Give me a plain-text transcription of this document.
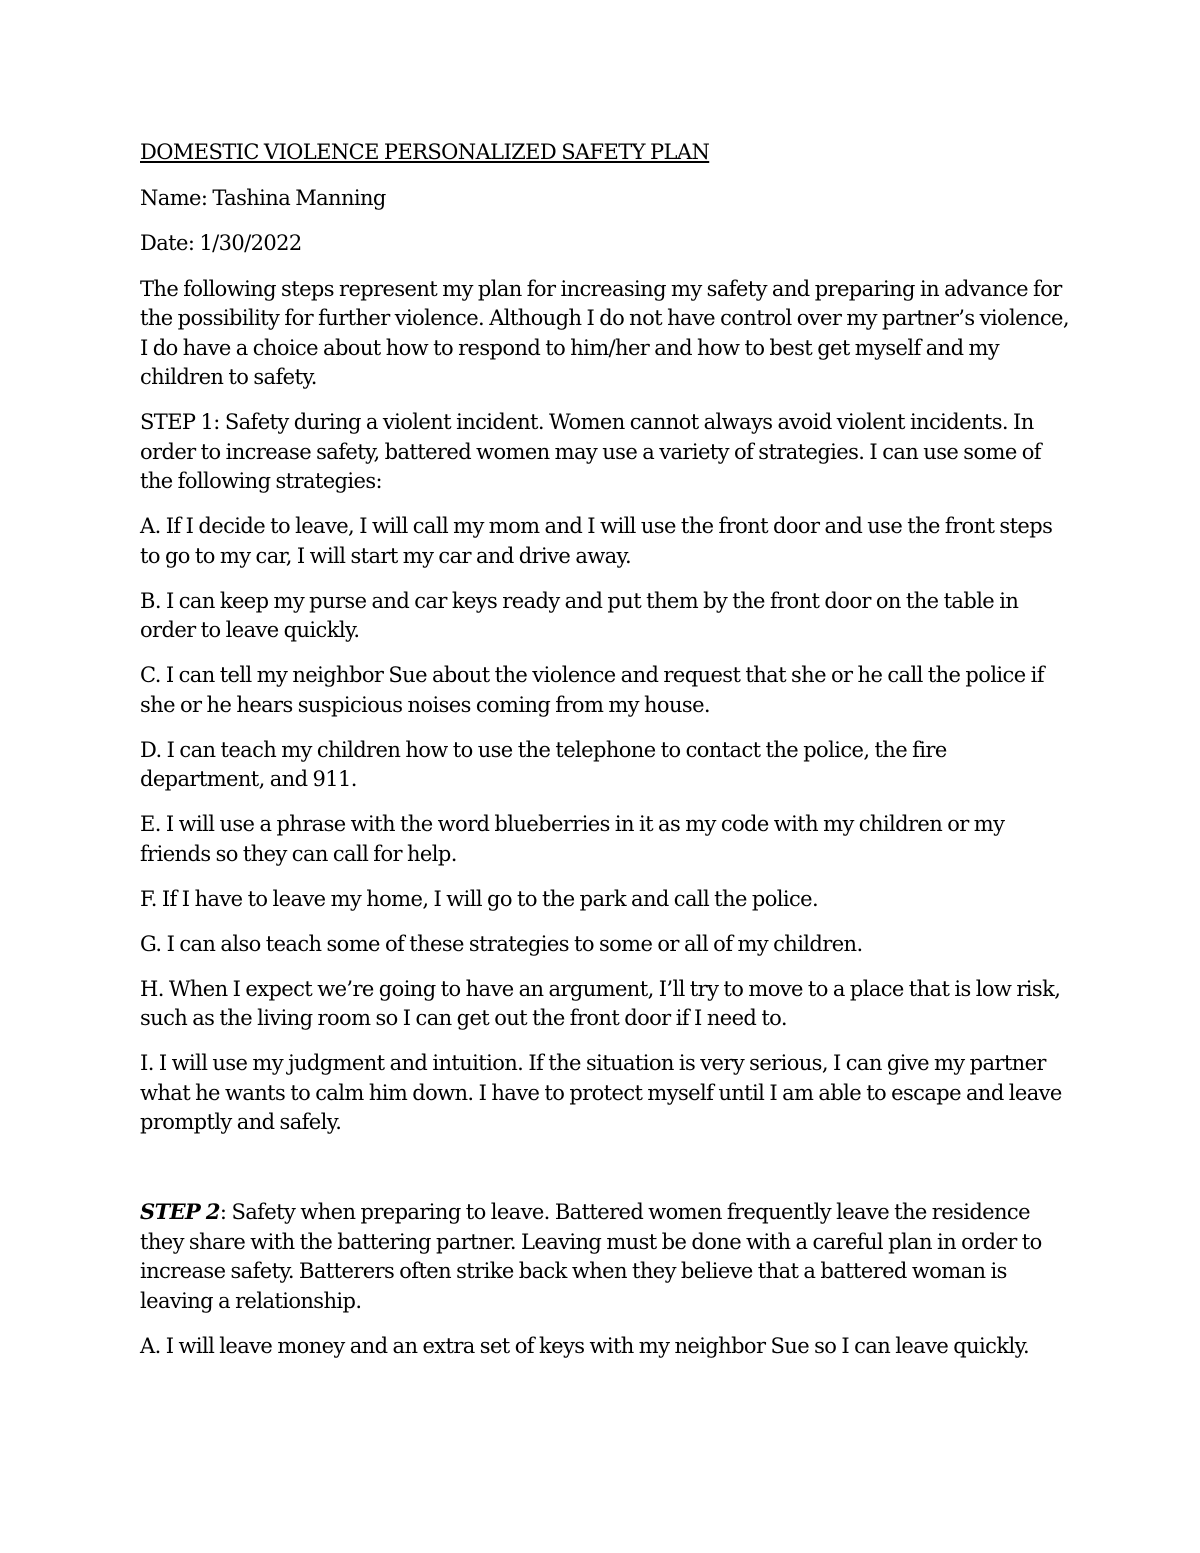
DOMESTIC VIOLENCE PERSONALIZED SAFETY PLAN
Name: Tashina Manning
Date: 1/30/2022

The following steps represent my plan for increasing my safety and preparing in advance for the possibility for further violence. Although I do not have control over my partner’s violence, I do have a choice about how to respond to him/her and how to best get myself and my children to safety.

STEP 1: Safety during a violent incident. Women cannot always avoid violent incidents. In order to increase safety, battered women may use a variety of strategies. I can use some of the following strategies:

A. If I decide to leave, I will call my mom and I will use the front door and use the front steps to go to my car, I will start my car and drive away.

B. I can keep my purse and car keys ready and put them by the front door on the table in order to leave quickly.

C. I can tell my neighbor Sue about the violence and request that she or he call the police if she or he hears suspicious noises coming from my house.

D. I can teach my children how to use the telephone to contact the police, the fire department, and 911.

E. I will use a phrase with the word blueberries in it as my code with my children or my friends so they can call for help.

F. If I have to leave my home, I will go to the park and call the police.

G. I can also teach some of these strategies to some or all of my children.

H. When I expect we’re going to have an argument, I’ll try to move to a place that is low risk, such as the living room so I can get out the front door if I need to.

I. I will use my judgment and intuition. If the situation is very serious, I can give my partner what he wants to calm him down. I have to protect myself until I am able to escape and leave promptly and safely.

STEP 2: Safety when preparing to leave. Battered women frequently leave the residence they share with the battering partner. Leaving must be done with a careful plan in order to increase safety. Batterers often strike back when they believe that a battered woman is leaving a relationship.

A. I will leave money and an extra set of keys with my neighbor Sue so I can leave quickly.
